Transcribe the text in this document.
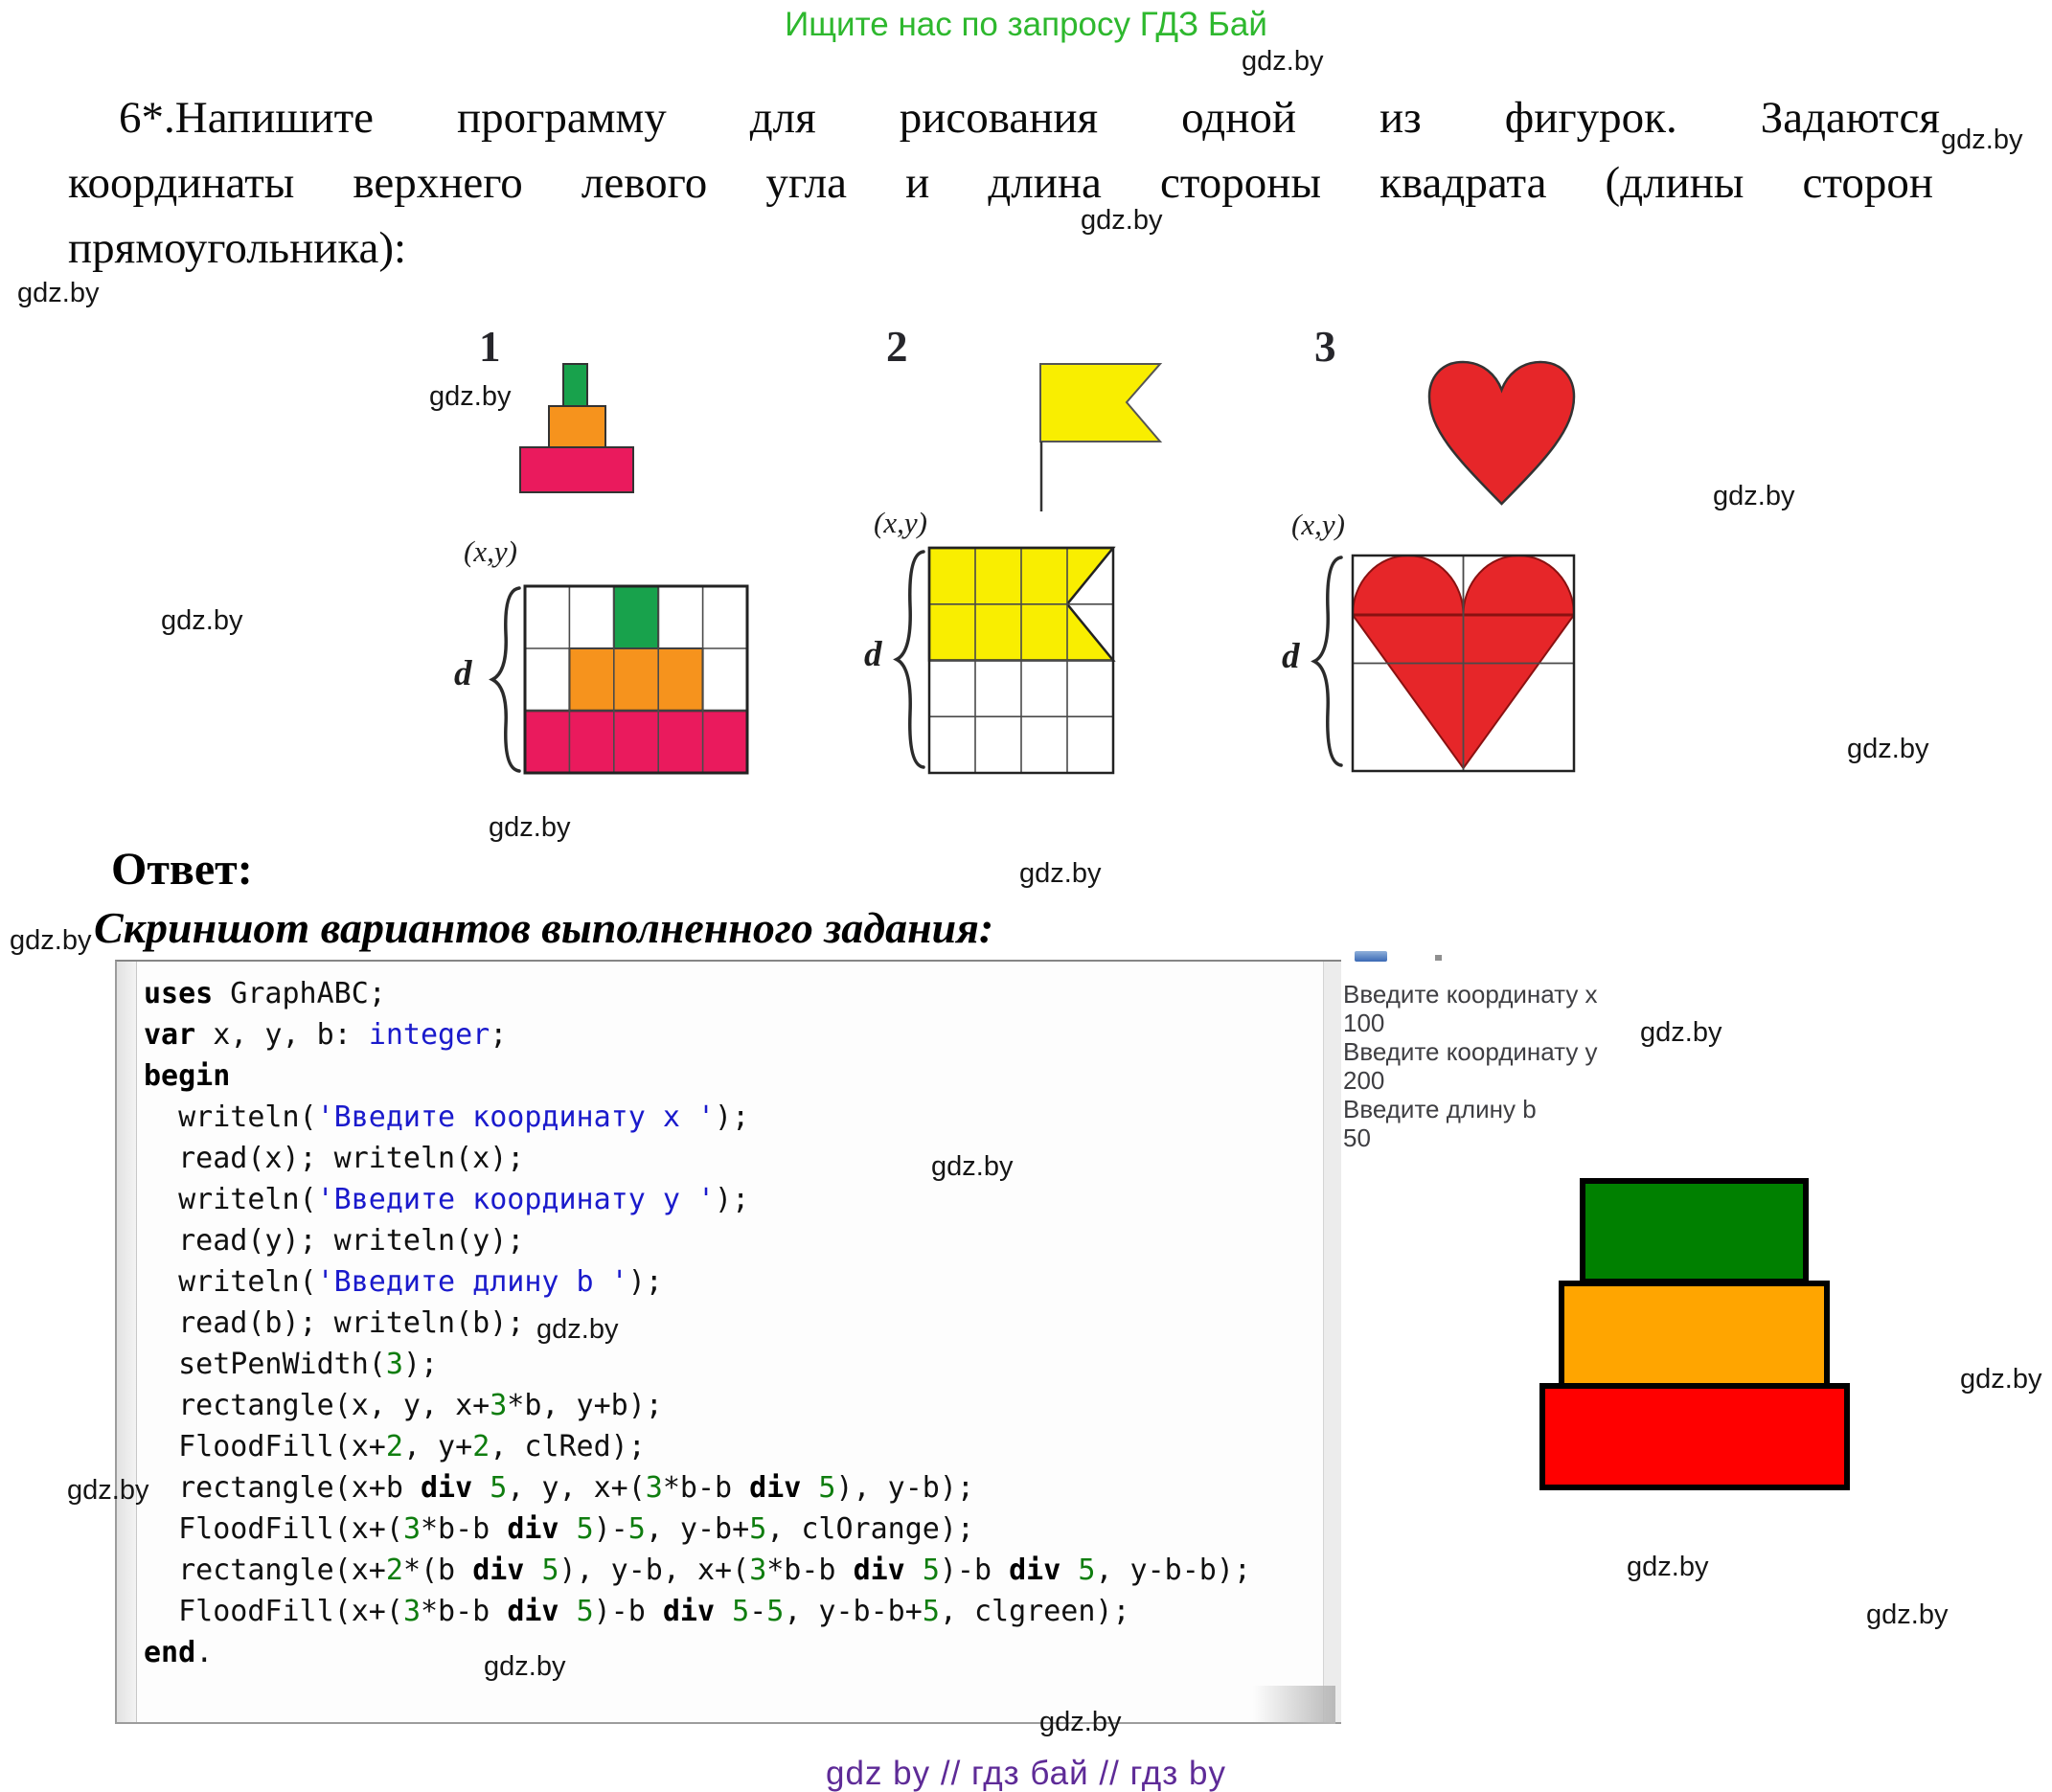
Ищите нас по запросу ГДЗ Бай
6*.Напишите программу для рисования одной из фигурок. Задаются
координаты верхнего левого угла и длина стороны квадрата (длины сторон
прямоугольника):
1	2	3
(x,y)
(x,y)	(x,y)
d	d	d
Ответ:
Скриншот вариантов выполненного задания:
uses GraphABC;
var x, y, b: integer;
begin
writeln('Введите координату x ');
read(x); writeln(x);
writeln('Введите координату y ');
read(y); writeln(y);
writeln('Введите длину b ');
read(b); writeln(b);
setPenWidth(3);
rectangle(x, y, x+3*b, y+b);
FloodFill(x+2, y+2, clRed);
rectangle(x+b div 5, y, x+(3*b-b div 5), y-b);
FloodFill(x+(3*b-b div 5)-5, y-b+5, clOrange);
rectangle(x+2*(b div 5), y-b, x+(3*b-b div 5)-b div 5, y-b-b);
FloodFill(x+(3*b-b div 5)-b div 5-5, y-b-b+5, clgreen);
end.
Введите координату x
100
Введите координату y
200
Введите длину b
50
gdz by // гдз бай // гдз by
gdz.by
gdz.by
gdz.by
gdz.by
gdz.by
gdz.by
gdz.by
gdz.by
gdz.by
gdz.by
gdz.by
gdz.by
gdz.by
gdz.by
gdz.by
gdz.by
gdz.by
gdz.by
gdz.by
gdz.by
